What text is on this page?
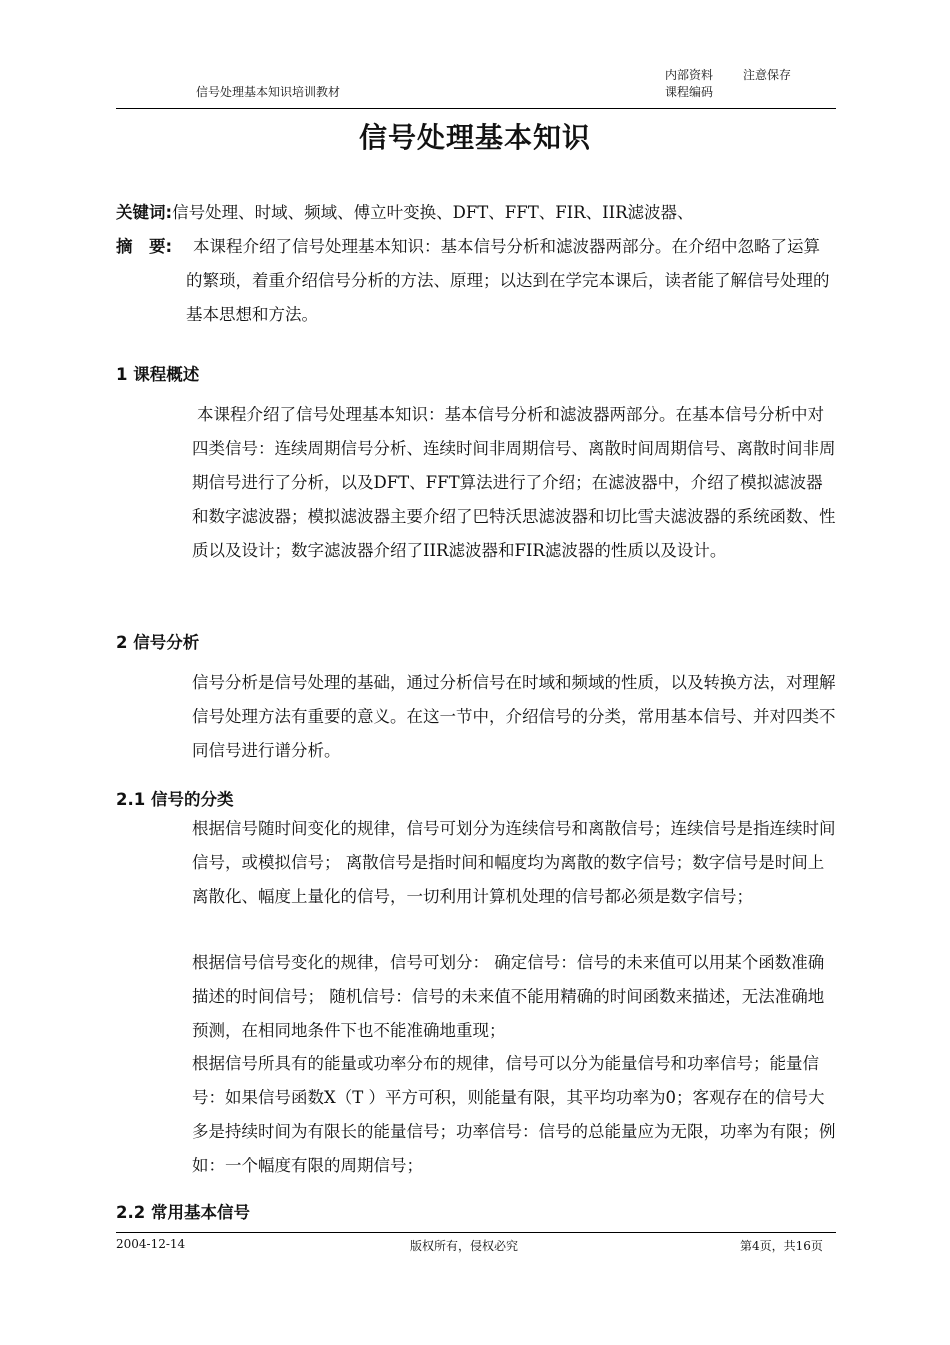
信号处理基本知识培训教材
内部资料	注意保存
课程编码
信号处理基本知识
关键词:信号处理、时域、频域、傅立叶变换、DFT、FFT、FIR、IIR滤波器、
摘　要:	本课程介绍了信号处理基本知识：基本信号分析和滤波器两部分。在介绍中忽略了运算的繁琐，着重介绍信号分析的方法、原理；以达到在学完本课后，读者能了解信号处理的基本思想和方法。
1 课程概述

本课程介绍了信号处理基本知识：基本信号分析和滤波器两部分。在基本信号分析中对四类信号：连续周期信号分析、连续时间非周期信号、离散时间周期信号、离散时间非周期信号进行了分析，以及DFT、FFT算法进行了介绍；在滤波器中，介绍了模拟滤波器和数字滤波器；模拟滤波器主要介绍了巴特沃思滤波器和切比雪夫滤波器的系统函数、性质以及设计；数字滤波器介绍了IIR滤波器和FIR滤波器的性质以及设计。

2 信号分析

信号分析是信号处理的基础，通过分析信号在时域和频域的性质，以及转换方法，对理解信号处理方法有重要的意义。在这一节中，介绍信号的分类，常用基本信号、并对四类不同信号进行谱分析。

2.1 信号的分类

根据信号随时间变化的规律，信号可划分为连续信号和离散信号；连续信号是指连续时间信号，或模拟信号； 离散信号是指时间和幅度均为离散的数字信号；数字信号是时间上离散化、幅度上量化的信号，一切利用计算机处理的信号都必须是数字信号；

根据信号信号变化的规律，信号可划分： 确定信号：信号的未来值可以用某个函数准确描述的时间信号； 随机信号：信号的未来值不能用精确的时间函数来描述，无法准确地预测，在相同地条件下也不能准确地重现；

根据信号所具有的能量或功率分布的规律，信号可以分为能量信号和功率信号；能量信号：如果信号函数X（T ）平方可积，则能量有限，其平均功率为0；客观存在的信号大多是持续时间为有限长的能量信号；功率信号：信号的总能量应为无限，功率为有限；例如：一个幅度有限的周期信号；

2.2 常用基本信号
2004-12-14	版权所有，侵权必究	第4页，共16页
